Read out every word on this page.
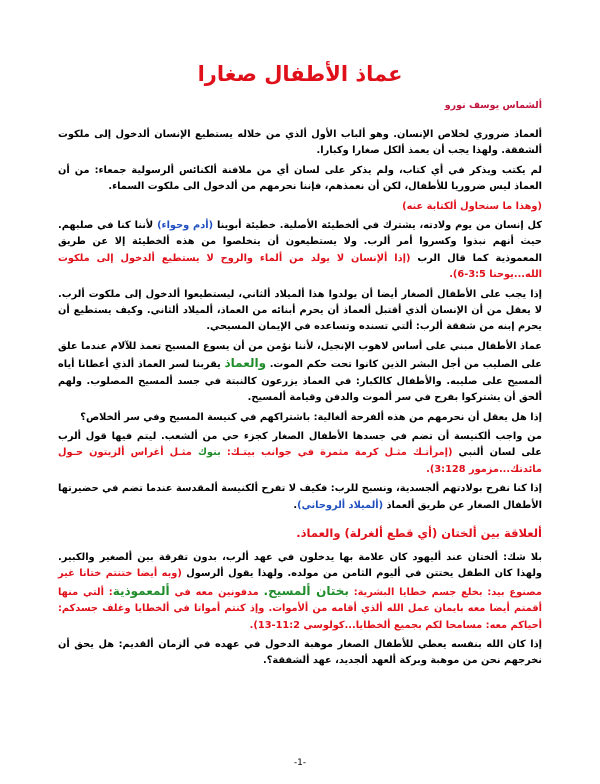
عماذ الأطفال صغارا
ألشماس يوسف نورو

ألعماذ ضروري لخلاص الإنسان. وهو ألباب الأول ألذي من خلاله يستطيع الإنسان ألدخول إلى ملكوت ألشفقة. ولهذا يجب أن يعمذ ألكل صغارا وكبارا.

لم يكتب ويذكر في أي كتاب، ولم يذكر على لسان أي من ملافنة ألكنائس ألرسولية جمعاء: من أن العماذ ليس ضروريا للأطفال، لكن أن نعمذهم، فإننا نحرمهم من ألدخول الى ملكوت السماء.

(وهذا ما سنحاول ألكتابة عنه)

كل إنسان من يوم ولادته، يشترك في ألخطيئة الأصلية. خطيئة أبوينا (أدم وحواء) لأننا كنا في صلبهم. حيث أنهم نبذوا وكسروا أمر ألرب. ولا يستطيعون أن يتخلصوا من هذه ألخطيئة إلا عن طريق المعموذية كما قال الرب (إذا ألإنسان لا يولد من ألماء والروح لا يستطيع ألدخول إلى ملكوت الله...يوحنا 3:5-6).

إذا يجب على الأطفال ألصغار أيضا أن يولدوا هذا ألميلاد ألثاني، ليستطيعوا ألدخول إلى ملكوت ألرب. لا يعقل من أن الإنسان ألذي أقتبل ألعماذ أن يحرم أبنائه من العماذ، ألميلاد ألثاني. وكيف يستطيع أن يحرم إبنه من شفقة ألرب: ألتي تسنده وتساعده في الإيمان المسيحي.

عماذ الأطفال مبني على أساس لاهوب الإنجيل، لأننا نؤمن من أن يسوع المسيح تعمذ للآلام عندما علق على الصليب من أجل البشر الذين كانوا تحت حكم الموت. والعماذ يقربنا لسر العماذ ألذي أعطانا أياه ألمسيح على صليبه. والأطفال كالكبار: في العماذ يزرعون كالنبتة في جسد ألمسيح المصلوب. ولهم ألحق أن يشتركوا بفرح في سر ألموت والدفن وقيامة ألمسيح.

إذا هل يعقل أن نحرمهم من هذه ألفرحة ألغالية: باشتراكهم في كنيسة المسيح وفي سر ألخلاص؟

من واجب ألكنيسة أن تضم في جسدها الأطفال الصغار كجزء حي من ألشعب. ليتم فيها قول ألرب على لسان ألنبي (إمرأتـك مثـل كرمة مثمرة في جوانب بيتـك: بنوك مثـل أغراس ألزيتون حـول مائدتك...مزمور 3:128).

إذا كنا نفرح بولادتهم ألجسدية، ونسبح للرب: فكيف لا تفرح ألكنيسة ألمقدسة عندما تضم في حضيرتها الأطفال الصغار عن طريق ألعماذ (ألميلاد ألروحاني).

ألعلاقة بين ألختان (أي قطع ألغرلة) والعماذ.

بلا شك: ألختان عند أليهود كان علامة بها يدخلون في عهد ألرب، بدون تفرقة بين ألصغير والكبير. ولهذا كان الطفل يختتن في أليوم الثامن من مولده. ولهذا يقول ألرسول (وبه أيضا ختنتم ختانا غير مصنوع بيد: بخلع جسم خطايا البشرية: بختان ألمسيح. مدفونين معه في ألمعموذية: ألتي منها أقمتم أيضا معه بايمان عمل الله ألذي أقامه من ألأموات. وإذ كنتم أمواتا في ألخطايا وغلف جسدكم: أحياكم معه: مسامحا لكم بجميع ألخطايا...كولوسي 11:2-13).

إذا كان الله بنفسه يعطي للأطفال الصغار موهبة الدخول في عهده في ألزمان ألقديم: هل يحق أن نخرجهم نحن من موهبة وبركة ألعهد ألجديد، عهد ألشفقة؟.

-1-
